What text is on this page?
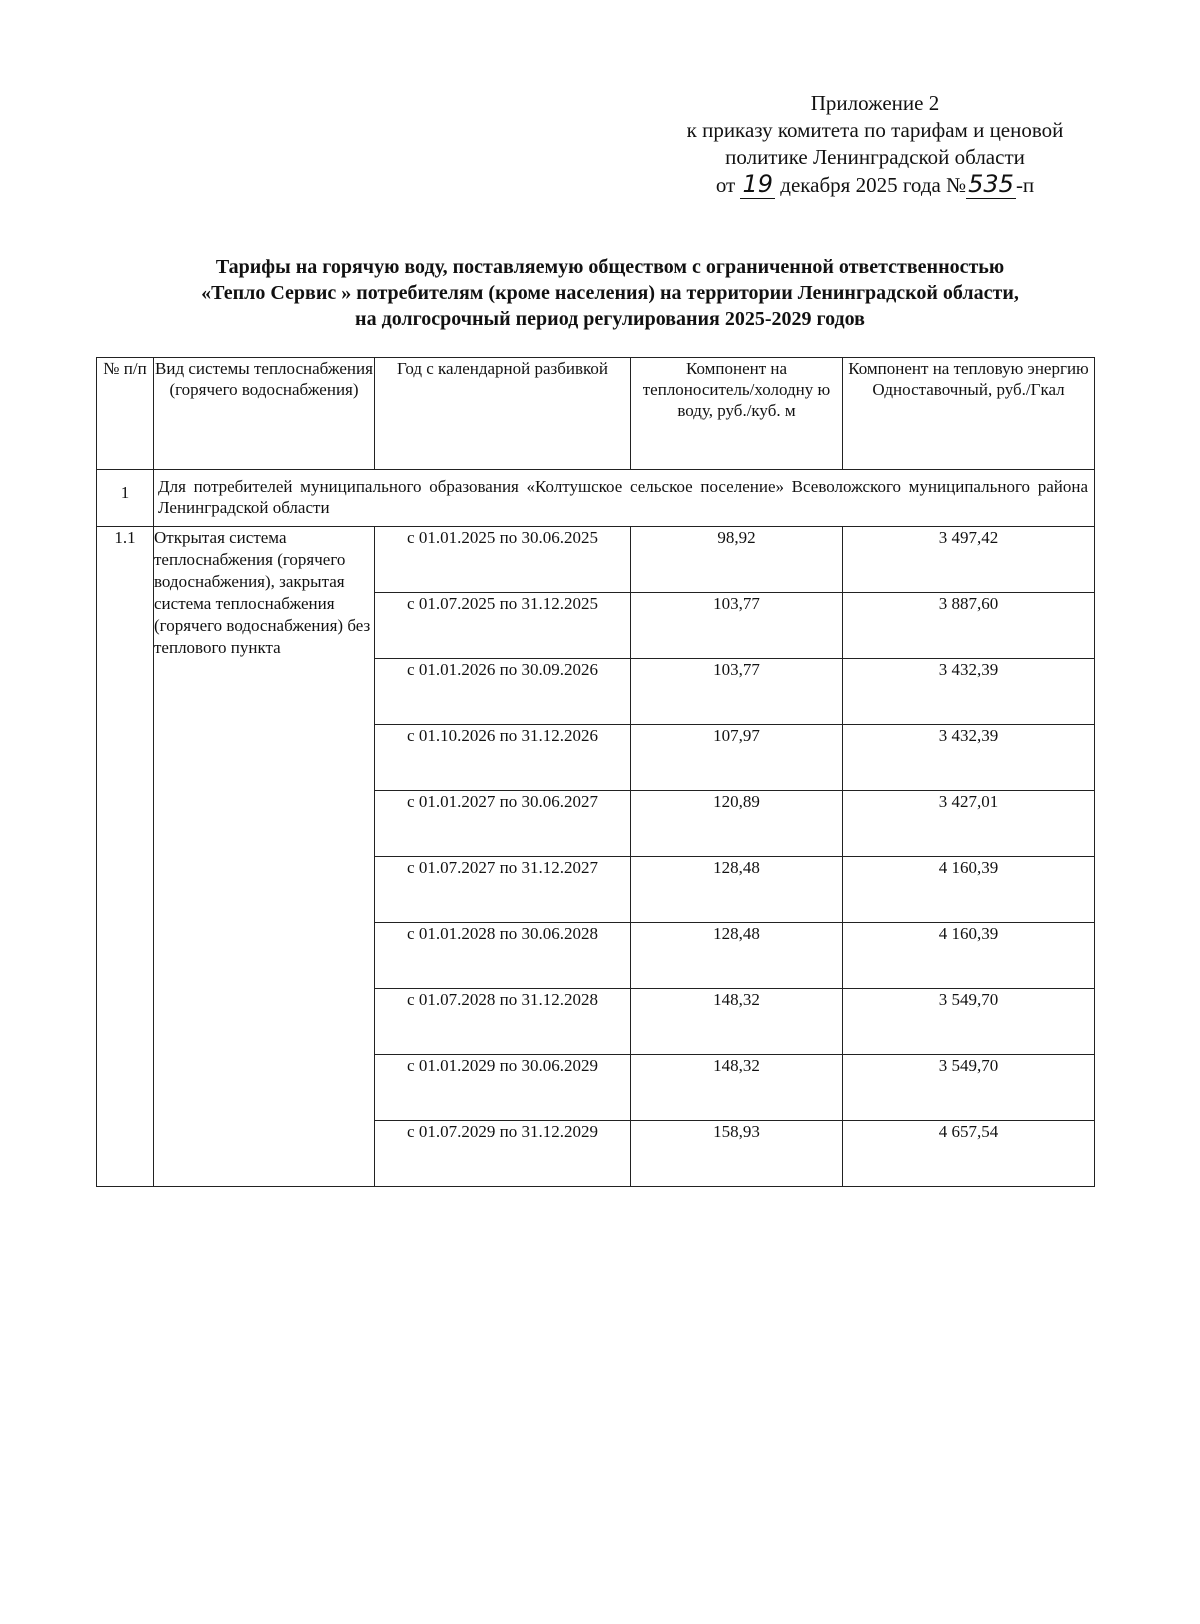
Приложение 2
к приказу комитета по тарифам и ценовой
политике Ленинградской области
от 19 декабря 2025 года №535-п
Тарифы на горячую воду, поставляемую обществом с ограниченной ответственностью
«Тепло Сервис » потребителям (кроме населения) на территории Ленинградской области,
на долгосрочный период регулирования 2025-2029 годов
№ п/п	Вид системы теплоснабжения (горячего водоснабжения)	Год с календарной разбивкой	Компонент на теплоноситель/холодну ю воду, руб./куб. м	Компонент на тепловую энергию Одноставочный, руб./Гкал
1	Для потребителей муниципального образования «Колтушское сельское поселение» Всеволожского муниципального района Ленинградской области			
1.1	Открытая система теплоснабжения (горячего водоснабжения), закрытая система теплоснабжения (горячего водоснабжения) без теплового пункта	с 01.01.2025 по 30.06.2025	98,92	3 497,42
		с 01.07.2025 по 31.12.2025	103,77	3 887,60
		с 01.01.2026 по 30.09.2026	103,77	3 432,39
		с 01.10.2026 по 31.12.2026	107,97	3 432,39
		с 01.01.2027 по 30.06.2027	120,89	3 427,01
		с 01.07.2027 по 31.12.2027	128,48	4 160,39
		с 01.01.2028 по 30.06.2028	128,48	4 160,39
		с 01.07.2028 по 31.12.2028	148,32	3 549,70
		с 01.01.2029 по 30.06.2029	148,32	3 549,70
		с 01.07.2029 по 31.12.2029	158,93	4 657,54
